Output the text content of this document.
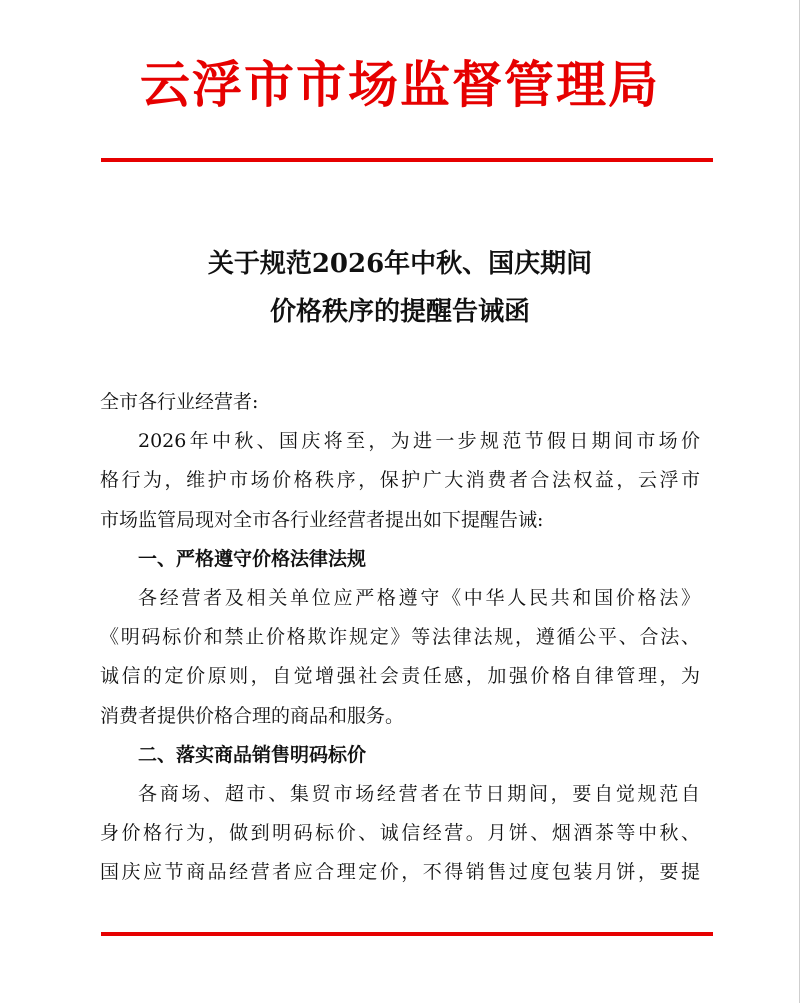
云浮市市场监督管理局
关于规范2026年中秋、国庆期间
价格秩序的提醒告诫函
全市各行业经营者:
2026年中秋、国庆将至，为进一步规范节假日期间市场价
格行为，维护市场价格秩序，保护广大消费者合法权益，云浮市
市场监管局现对全市各行业经营者提出如下提醒告诫:
一、严格遵守价格法律法规
各经营者及相关单位应严格遵守《中华人民共和国价格法》
《明码标价和禁止价格欺诈规定》等法律法规，遵循公平、合法、
诚信的定价原则，自觉增强社会责任感，加强价格自律管理，为
消费者提供价格合理的商品和服务。
二、落实商品销售明码标价
各商场、超市、集贸市场经营者在节日期间，要自觉规范自
身价格行为，做到明码标价、诚信经营。月饼、烟酒茶等中秋、
国庆应节商品经营者应合理定价，不得销售过度包装月饼，要提
